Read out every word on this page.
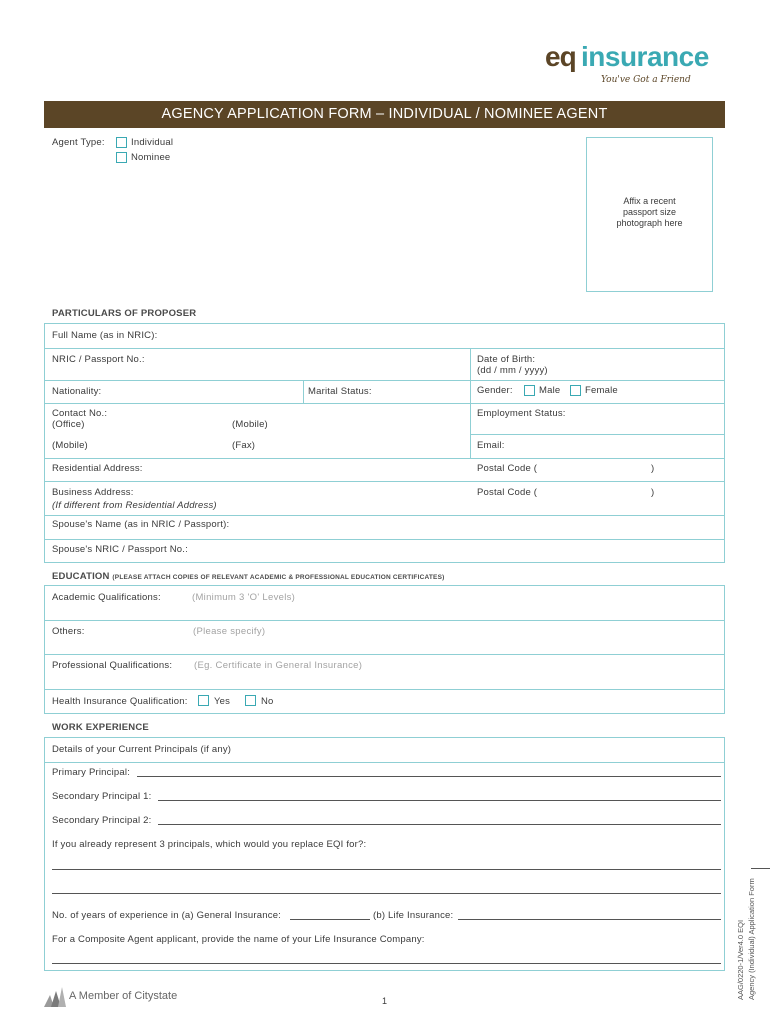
eq insurance
You've Got a Friend
AGENCY APPLICATION FORM – INDIVIDUAL / NOMINEE AGENT
Agent Type:	Individual
Nominee
Affix a recent
passport size
photograph here
PARTICULARS OF PROPOSER
Full Name (as in NRIC):
NRIC / Passport No.:	Date of Birth:
(dd / mm / yyyy)
Nationality:	Marital Status:	Gender:	Male	Female
Contact No.:
(Office)	(Mobile)
(Mobile)	(Fax)
Employment Status:
Email:
Residential Address:	Postal Code (	)
Business Address:
(If different from Residential Address)
Postal Code (	)
Spouse's Name (as in NRIC / Passport):
Spouse's NRIC / Passport No.:
EDUCATION (PLEASE ATTACH COPIES OF RELEVANT ACADEMIC & PROFESSIONAL EDUCATION CERTIFICATES)
Academic Qualifications:	(Minimum 3 'O' Levels)
Others:	(Please specify)
Professional Qualifications: (Eg. Certificate in General Insurance)
Health Insurance Qualification:	Yes	No
WORK EXPERIENCE
Details of your Current Principals (if any)
Primary Principal:
Secondary Principal 1:
Secondary Principal 2:
If you already represent 3 principals, which would you replace EQI for?:
No. of years of experience in (a) General Insurance:	(b) Life Insurance:
For a Composite Agent applicant, provide the name of your Life Insurance Company:	AAG/0220-1/Ver4.0 EQI Agency (Individual) Application Form
A Member of Citystate	1
